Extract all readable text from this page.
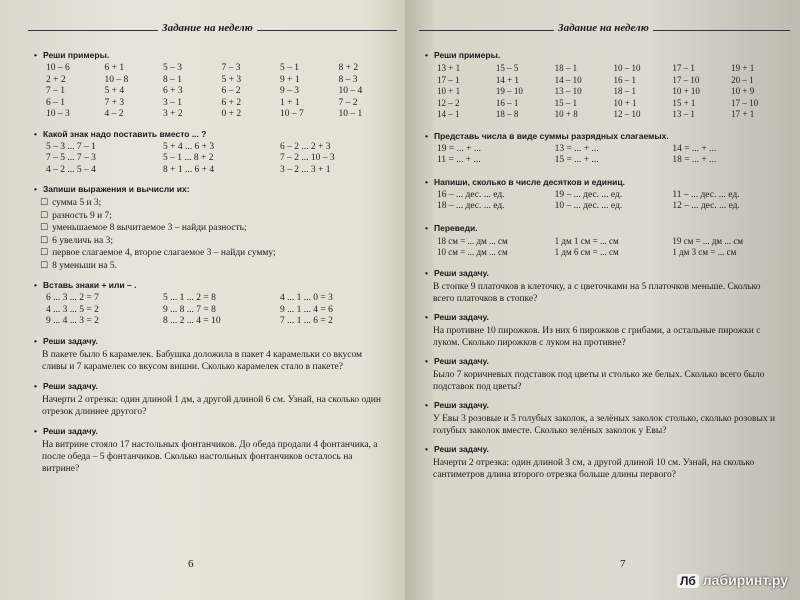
Задание на неделю
• Реши примеры.
10 – 6	6 + 1	5 – 3	7 – 3	5 – 1	8 + 2
2 + 2	10 – 8	8 – 1	5 + 3	9 + 1	8 – 3
7 – 1	5 + 4	6 + 3	6 – 2	9 – 3	10 – 4
6 – 1	7 + 3	3 – 1	6 + 2	1 + 1	7 – 2
10 – 3	4 – 2	3 + 2	0 + 2	10 – 7	10 – 1
• Какой знак надо поставить вместо ... ?
5 – 3 ... 7 – 1	5 + 4 ... 6 + 3	6 – 2 ... 2 + 3
7 – 5 ... 7 – 3	5 – 1 ... 8 + 2	7 – 2 ... 10 – 3
4 – 2 ... 5 – 4	8 + 1 ... 6 + 4	3 – 2 ... 3 + 1
• Запиши выражения и вычисли их:
☐ сумма 5 и 3;
☐ разность 9 и 7;
☐ уменьшаемое 8 вычитаемое 3 – найди разность;
☐ 6 увеличь на 3;
☐ первое слагаемое 4, второе слагаемое 3 – найди сумму;
☐ 8 уменьши на 5.
• Вставь знаки + или – .
6 ... 3 ... 2 = 7	5 ... 1 ... 2 = 8	4 ... 1 ... 0 = 3
4 ... 3 ... 5 = 2	9 ... 8 ... 7 = 8	9 ... 1 ... 4 = 6
9 ... 4 ... 3 = 2	8 ... 2 ... 4 = 10	7 ... 1 ... 6 = 2
• Реши задачу.
В пакете было 6 карамелек. Бабушка доложила в пакет 4 карамельки со вкусом сливы и 7 карамелек со вкусом вишни. Сколько карамелек стало в пакете?
• Реши задачу.
Начерти 2 отрезка: один длиной 1 дм, а другой длиной 6 см. Узнай, на сколько один отрезок длиннее другого?
• Реши задачу.
На витрине стояло 17 настольных фонтанчиков. До обеда продали 4 фонтанчика, а после обеда – 5 фонтанчиков. Сколько настольных фонтанчиков осталось на витрине?
6
Задание на неделю
• Реши примеры.
13 + 1	15 – 5	18 – 1	10 – 10	17 – 1	19 + 1
17 – 1	14 + 1	14 – 10	16 – 1	17 – 10	20 – 1
10 + 1	19 – 10	13 – 10	18 – 1	10 + 10	10 + 9
12 – 2	16 – 1	15 – 1	10 + 1	15 + 1	17 – 10
14 – 1	18 – 8	10 + 8	12 – 10	13 – 1	17 + 1
• Представь числа в виде суммы разрядных слагаемых.
19 = ... + ...	13 = ... + ...	14 = ... + ...
11 = ... + ...	15 = ... + ...	18 = ... + ...
• Напиши, сколько в числе десятков и единиц.
16 – ... дес. ... ед.	19 – ... дес. ... ед.	11 – ... дес. ... ед.
18 – ... дес. ... ед.	10 – ... дес. ... ед.	12 – ... дес. ... ед.
• Переведи.
18 см = ... дм ... см	1 дм 1 см = ... см	19 см = ... дм ... см
10 см = ... дм ... см	1 дм 6 см = ... см	1 дм 3 см = ... см
• Реши задачу.
В стопке 9 платочков в клеточку, а с цветочками на 5 платочков меньше. Сколько всего платочков в стопке?
• Реши задачу.
На противне 10 пирожков. Из них 6 пирожков с грибами, а остальные пирожки с луком. Сколько пирожков с луком на противне?
• Реши задачу.
Было 7 коричневых подставок под цветы и столько же белых. Сколько всего было подставок под цветы?
• Реши задачу.
У Евы 3 розовые и 5 голубых заколок, а зелёных заколок столько, сколько розовых и голубых заколок вместе. Сколько зелёных заколок у Евы?
• Реши задачу.
Начерти 2 отрезка: один длиной 3 см, а другой длиной 10 см. Узнай, на сколько сантиметров длина второго отрезка больше длины первого?
7
Лб лабиринт.ру
